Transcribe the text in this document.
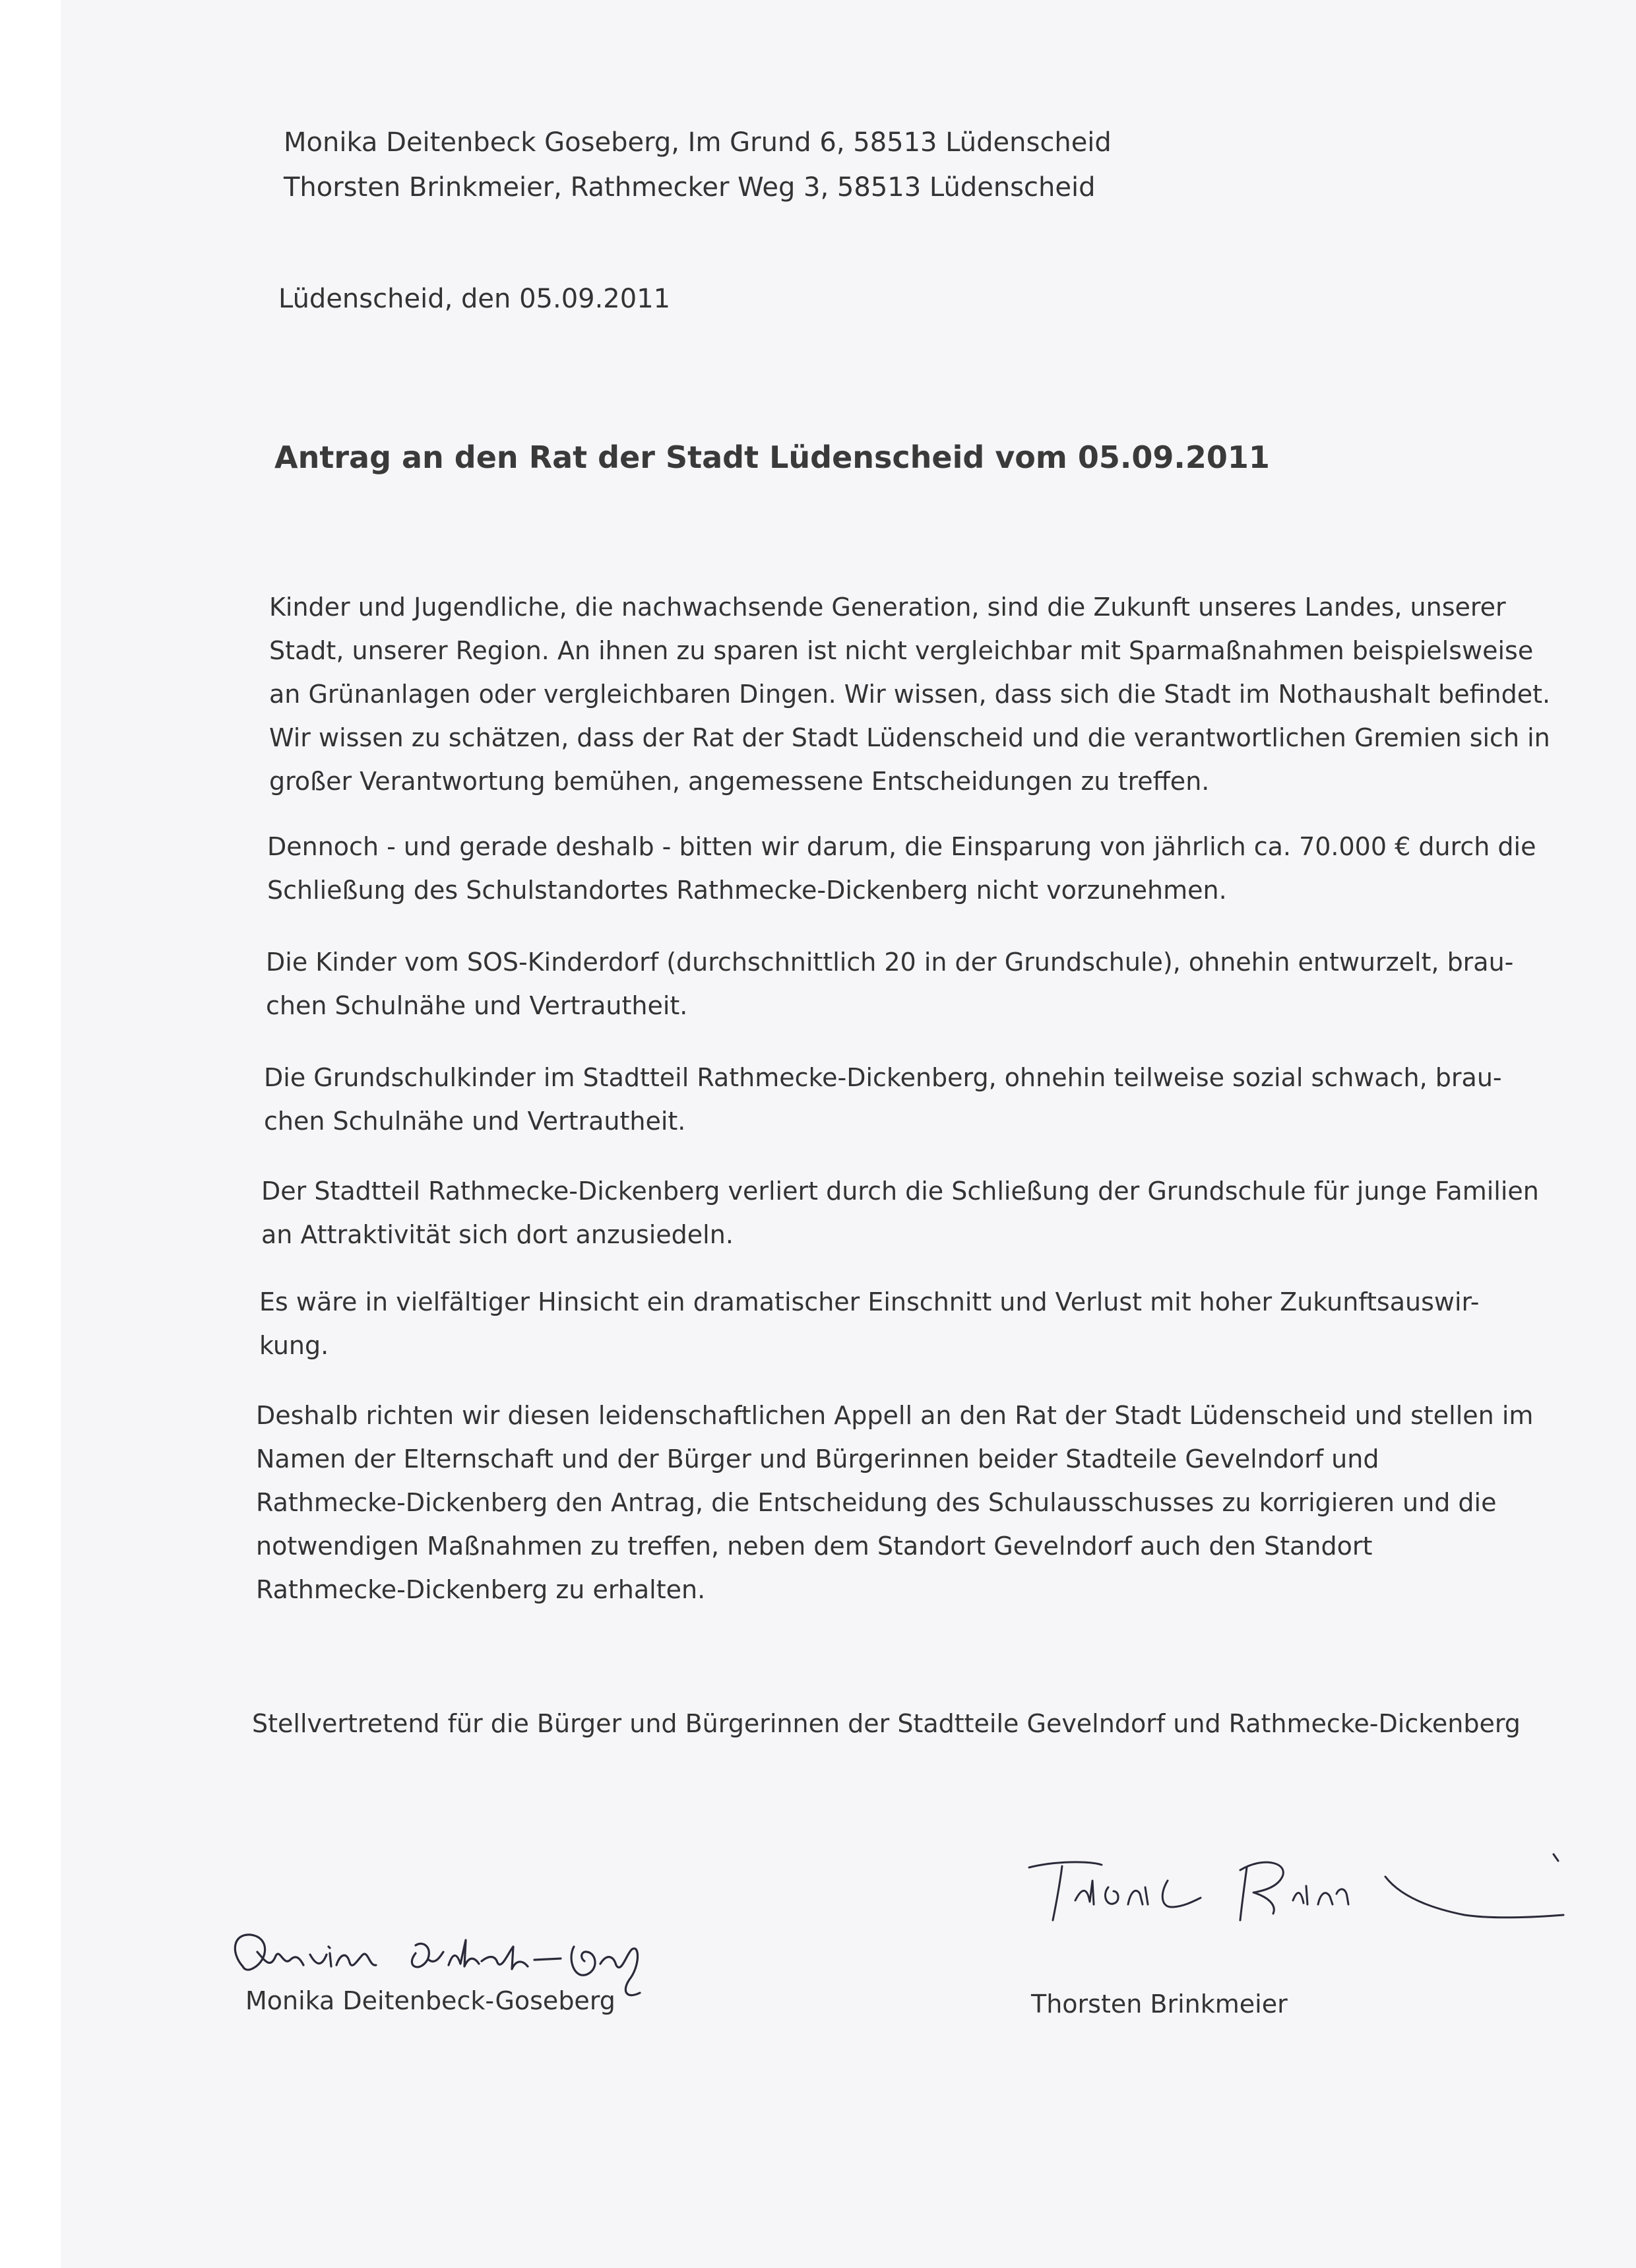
Monika Deitenbeck Goseberg, Im Grund 6, 58513 Lüdenscheid
Thorsten Brinkmeier, Rathmecker Weg 3, 58513 Lüdenscheid
Lüdenscheid, den 05.09.2011
Antrag an den Rat der Stadt Lüdenscheid vom 05.09.2011
Kinder und Jugendliche, die nachwachsende Generation, sind die Zukunft unseres Landes, unserer
Stadt, unserer Region. An ihnen zu sparen ist nicht vergleichbar mit Sparmaßnahmen beispielsweise
an Grünanlagen oder vergleichbaren Dingen. Wir wissen, dass sich die Stadt im Nothaushalt befindet.
Wir wissen zu schätzen, dass der Rat der Stadt Lüdenscheid und die verantwortlichen Gremien sich in
großer Verantwortung bemühen, angemessene Entscheidungen zu treffen.
Dennoch - und gerade deshalb - bitten wir darum, die Einsparung von jährlich ca. 70.000 € durch die
Schließung des Schulstandortes Rathmecke-Dickenberg nicht vorzunehmen.
Die Kinder vom SOS-Kinderdorf (durchschnittlich 20 in der Grundschule), ohnehin entwurzelt, brau-
chen Schulnähe und Vertrautheit.
Die Grundschulkinder im Stadtteil Rathmecke-Dickenberg, ohnehin teilweise sozial schwach, brau-
chen Schulnähe und Vertrautheit.
Der Stadtteil Rathmecke-Dickenberg verliert durch die Schließung der Grundschule für junge Familien
an Attraktivität sich dort anzusiedeln.
Es wäre in vielfältiger Hinsicht ein dramatischer Einschnitt und Verlust mit hoher Zukunftsauswir-
kung.
Deshalb richten wir diesen leidenschaftlichen Appell an den Rat der Stadt Lüdenscheid und stellen im
Namen der Elternschaft und der Bürger und Bürgerinnen beider Stadteile Gevelndorf und
Rathmecke-Dickenberg den Antrag, die Entscheidung des Schulausschusses zu korrigieren und die
notwendigen Maßnahmen zu treffen, neben dem Standort Gevelndorf auch den Standort
Rathmecke-Dickenberg zu erhalten.
Stellvertretend für die Bürger und Bürgerinnen der Stadtteile Gevelndorf und Rathmecke-Dickenberg
Monika Deitenbeck-Goseberg	Thorsten Brinkmeier
